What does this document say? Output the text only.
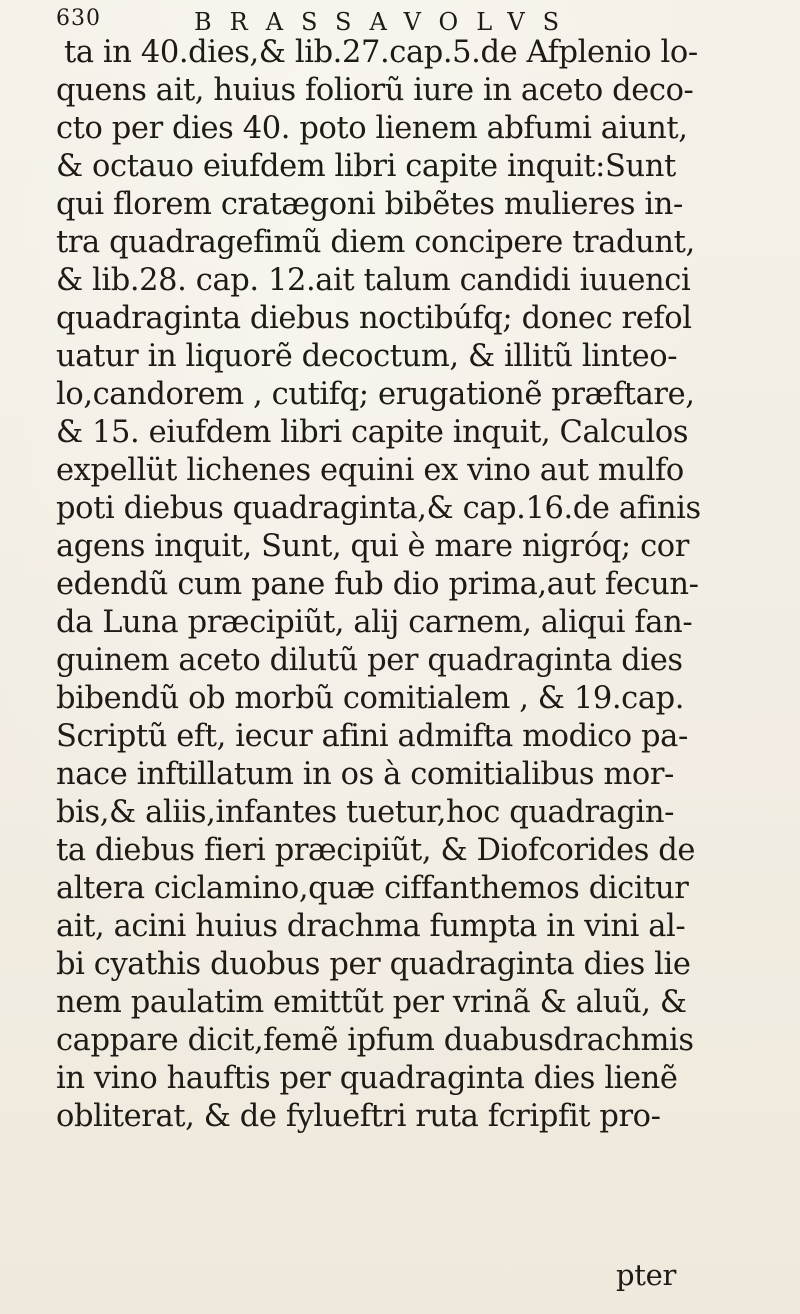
630	BRASSAVOLVS
ta in 40.dies,& lib.27.cap.5.de Afplenio lo-
quens ait, huius foliorũ iure in aceto deco-
cto per dies 40. poto lienem abfumi aiunt,
& octauo eiufdem libri capite inquit:Sunt
qui florem cratægoni bibẽtes mulieres in-
tra quadragefimũ diem concipere tradunt,
& lib.28. cap. 12.ait talum candidi iuuenci
quadraginta diebus noctibúfq; donec refol
uatur in liquorẽ decoctum, & illitũ linteo-
lo,candorem , cutifq; erugationẽ præftare,
& 15. eiufdem libri capite inquit, Calculos
expellüt lichenes equini ex vino aut mulfo
poti diebus quadraginta,& cap.16.de afinis
agens inquit, Sunt, qui è mare nigróq; cor
edendũ cum pane fub dio prima,aut fecun-
da Luna præcipiũt, alij carnem, aliqui fan-
guinem aceto dilutũ per quadraginta dies
bibendũ ob morbũ comitialem , & 19.cap.
Scriptũ eft, iecur afini admifta modico pa-
nace inftillatum in os à comitialibus mor-
bis,& aliis,infantes tuetur,hoc quadragin-
ta diebus fieri præcipiũt, & Diofcorides de
altera ciclamino,quæ ciffanthemos dicitur
ait, acini huius drachma fumpta in vini al-
bi cyathis duobus per quadraginta dies lie
nem paulatim emittũt per vrinã & aluũ, &
cappare dicit,femẽ ipfum duabusdrachmis
in vino hauftis per quadraginta dies lienẽ
obliterat, & de fylueftri ruta fcripfit pro-
pter
